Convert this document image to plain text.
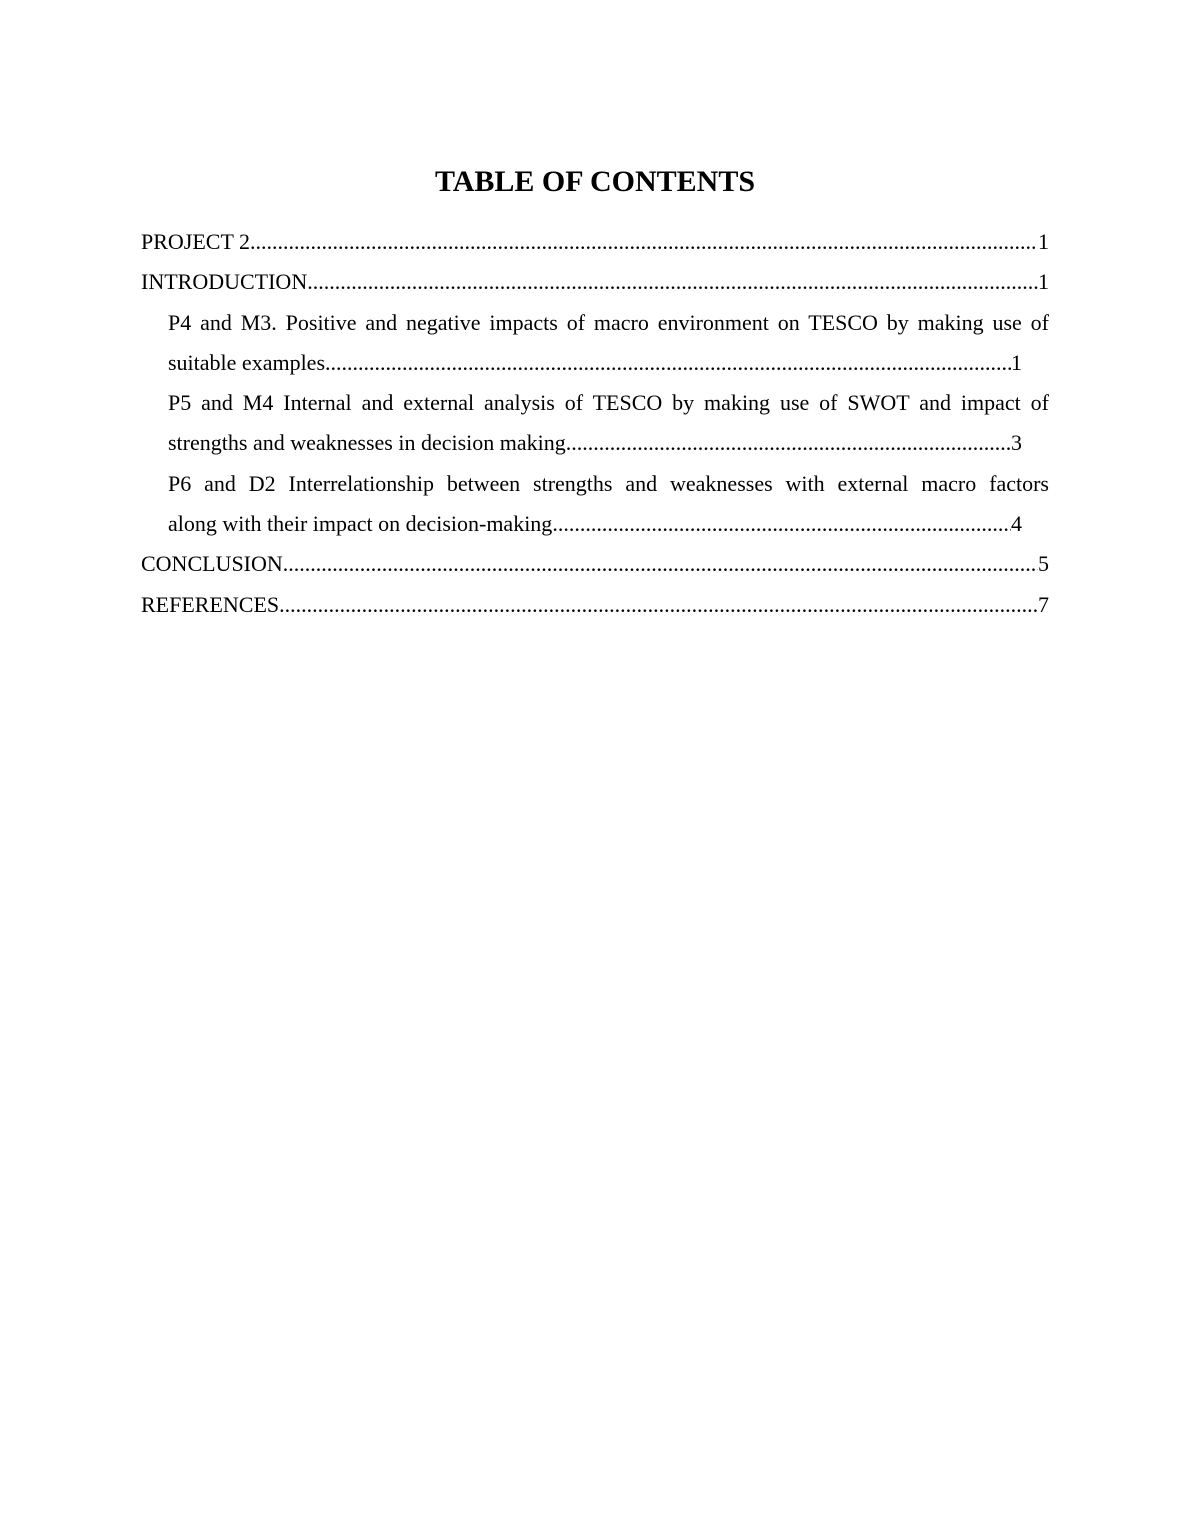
TABLE OF CONTENTS
PROJECT 2 .....	1
INTRODUCTION .....	1
P4 and M3. Positive and negative impacts of macro environment on TESCO by making use of
suitable examples .....	1
P5 and M4 Internal and external analysis of TESCO by making use of SWOT and impact of
strengths and weaknesses in decision making .....	3
P6 and D2 Interrelationship between strengths and weaknesses with external macro factors
along with their impact on decision-making .....	4
CONCLUSION .....	5
REFERENCES .....	7
